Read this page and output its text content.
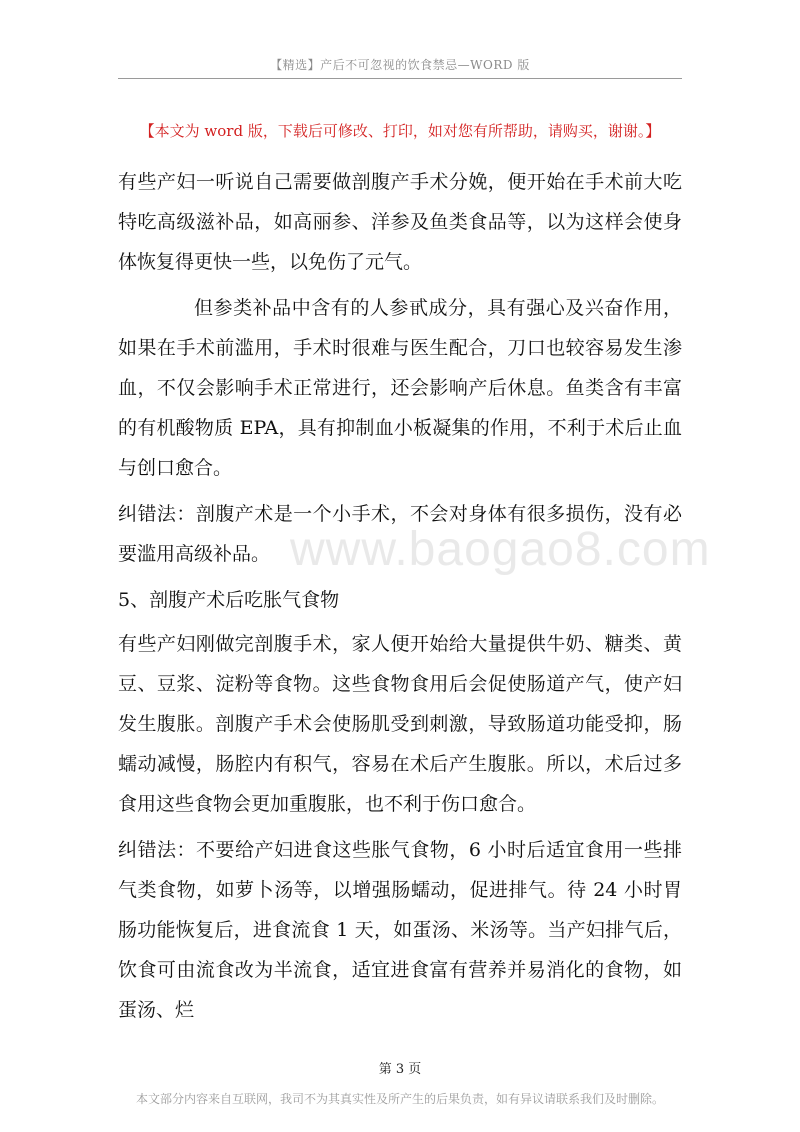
【精选】产后不可忽视的饮食禁忌—WORD 版
【本文为 word 版，下载后可修改、打印，如对您有所帮助，请购买，谢谢。】
www.baogao8.com

有些产妇一听说自己需要做剖腹产手术分娩，便开始在手术前大吃特吃高级滋补品，如高丽参、洋参及鱼类食品等，以为这样会使身体恢复得更快一些，以免伤了元气。

但参类补品中含有的人参甙成分，具有强心及兴奋作用，如果在手术前滥用，手术时很难与医生配合，刀口也较容易发生渗血，不仅会影响手术正常进行，还会影响产后休息。鱼类含有丰富的有机酸物质 EPA，具有抑制血小板凝集的作用，不利于术后止血与创口愈合。

纠错法：剖腹产术是一个小手术，不会对身体有很多损伤，没有必要滥用高级补品。

5、剖腹产术后吃胀气食物

有些产妇刚做完剖腹手术，家人便开始给大量提供牛奶、糖类、黄豆、豆浆、淀粉等食物。这些食物食用后会促使肠道产气，使产妇发生腹胀。剖腹产手术会使肠肌受到刺激，导致肠道功能受抑，肠蠕动减慢，肠腔内有积气，容易在术后产生腹胀。所以，术后过多食用这些食物会更加重腹胀，也不利于伤口愈合。

纠错法：不要给产妇进食这些胀气食物，6 小时后适宜食用一些排气类食物，如萝卜汤等，以增强肠蠕动，促进排气。待 24 小时胃肠功能恢复后，进食流食 1 天，如蛋汤、米汤等。当产妇排气后，饮食可由流食改为半流食，适宜进食富有营养并易消化的食物，如蛋汤、烂

第 3 页
本文部分内容来自互联网，我司不为其真实性及所产生的后果负责，如有异议请联系我们及时删除。
